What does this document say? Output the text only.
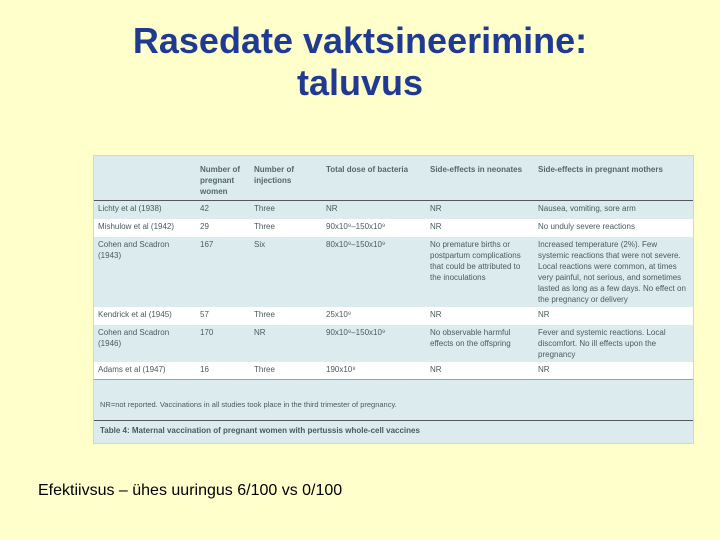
Rasedate vaktsineerimine:
taluvus
	Number of pregnant women	Number of injections	Total dose of bacteria	Side-effects in neonates	Side-effects in pregnant mothers
Lichty et al (1938)	42	Three	NR	NR	Nausea, vomiting, sore arm
Mishulow et al (1942)	29	Three	90x10⁹–150x10⁹	NR	No unduly severe reactions
Cohen and Scadron (1943)	167	Six	80x10⁹–150x10⁹	No premature births or postpartum complications that could be attributed to the inoculations	Increased temperature (2%). Few systemic reactions that were not severe. Local reactions were common, at times very painful, not serious, and sometimes lasted as long as a few days. No effect on the pregnancy or delivery
Kendrick et al (1945)	57	Three	25x10⁹	NR	NR
Cohen and Scadron (1946)	170	NR	90x10⁹–150x10⁹	No observable harmful effects on the offspring	Fever and systemic reactions. Local discomfort. No ill effects upon the pregnancy
Adams et al (1947)	16	Three	190x10⁹	NR	NR
NR=not reported. Vaccinations in all studies took place in the third trimester of pregnancy.
Table 4: Maternal vaccination of pregnant women with pertussis whole-cell vaccines
Efektiivsus – ühes uuringus 6/100 vs 0/100
